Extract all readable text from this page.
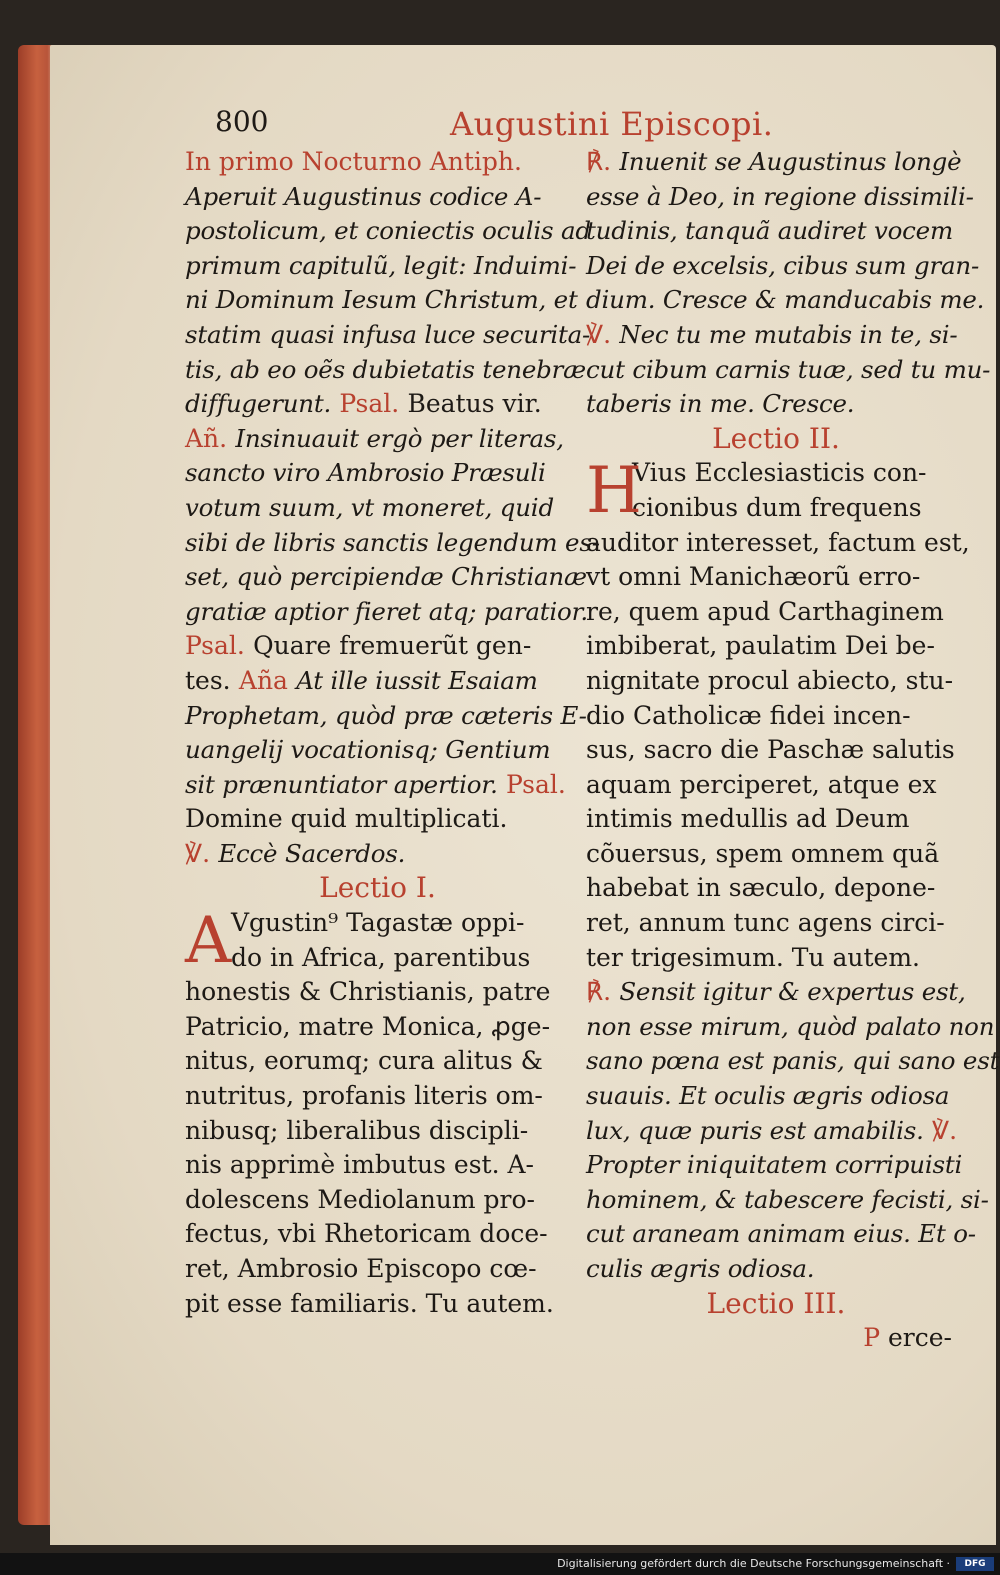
800	Augustini Episcopi.
In primo Nocturno Antiph.
Aperuit Augustinus codice A-
postolicum, et coniectis oculis ad
primum capitulũ, legit: Induimi-
ni Dominum Iesum Christum, et
statim quasi infusa luce securita-
tis, ab eo oẽs dubietatis tenebræ
diffugerunt. Psal. Beatus vir.
Añ. Insinuauit ergò per literas,
sancto viro Ambrosio Præsuli
votum suum, vt moneret, quid
sibi de libris sanctis legendum es-
set, quò percipiendæ Christianæ
gratiæ aptior fieret atq; paratior.
Psal. Quare fremuerũt gen-
tes. Aña At ille iussit Esaiam
Prophetam, quòd præ cæteris E-
uangelij vocationisq; Gentium
sit prænuntiator apertior. Psal.
Domine quid multiplicati.
℣. Eccè Sacerdos.
Lectio I.
A Vgustin⁹ Tagastæ oppi-
do in Africa, parentibus
honestis & Christianis, patre
Patricio, matre Monica, ꝓge-
nitus, eorumq; cura alitus &
nutritus, profanis literis om-
nibusq; liberalibus discipli-
nis apprimè imbutus est. A-
dolescens Mediolanum pro-
fectus, vbi Rhetoricam doce-
ret, Ambrosio Episcopo cœ-
pit esse familiaris. Tu autem.
℟. Inuenit se Augustinus longè
esse à Deo, in regione dissimili-
tudinis, tanquã audiret vocem
Dei de excelsis, cibus sum gran-
dium. Cresce & manducabis me.
℣. Nec tu me mutabis in te, si-
cut cibum carnis tuæ, sed tu mu-
taberis in me. Cresce.
Lectio II.
H
Vius Ecclesiasticis con-
cionibus dum frequens
auditor interesset, factum est,
vt omni Manichæorũ erro-
re, quem apud Carthaginem
imbiberat, paulatim Dei be-
nignitate procul abiecto, stu-
dio Catholicæ fidei incen-
sus, sacro die Paschæ salutis
aquam perciperet, atque ex
intimis medullis ad Deum
cõuersus, spem omnem quã
habebat in sæculo, depone-
ret, annum tunc agens circi-
ter trigesimum. Tu autem.
℟. Sensit igitur & expertus est,
non esse mirum, quòd palato non
sano pœna est panis, qui sano est
suauis. Et oculis ægris odiosa
lux, quæ puris est amabilis. ℣.
Propter iniquitatem corripuisti
hominem, & tabescere fecisti, si-
cut araneam animam eius. Et o-
culis ægris odiosa.
Lectio III.
P erce-
Digitalisierung gefördert durch die Deutsche Forschungsgemeinschaft ·	DFG
